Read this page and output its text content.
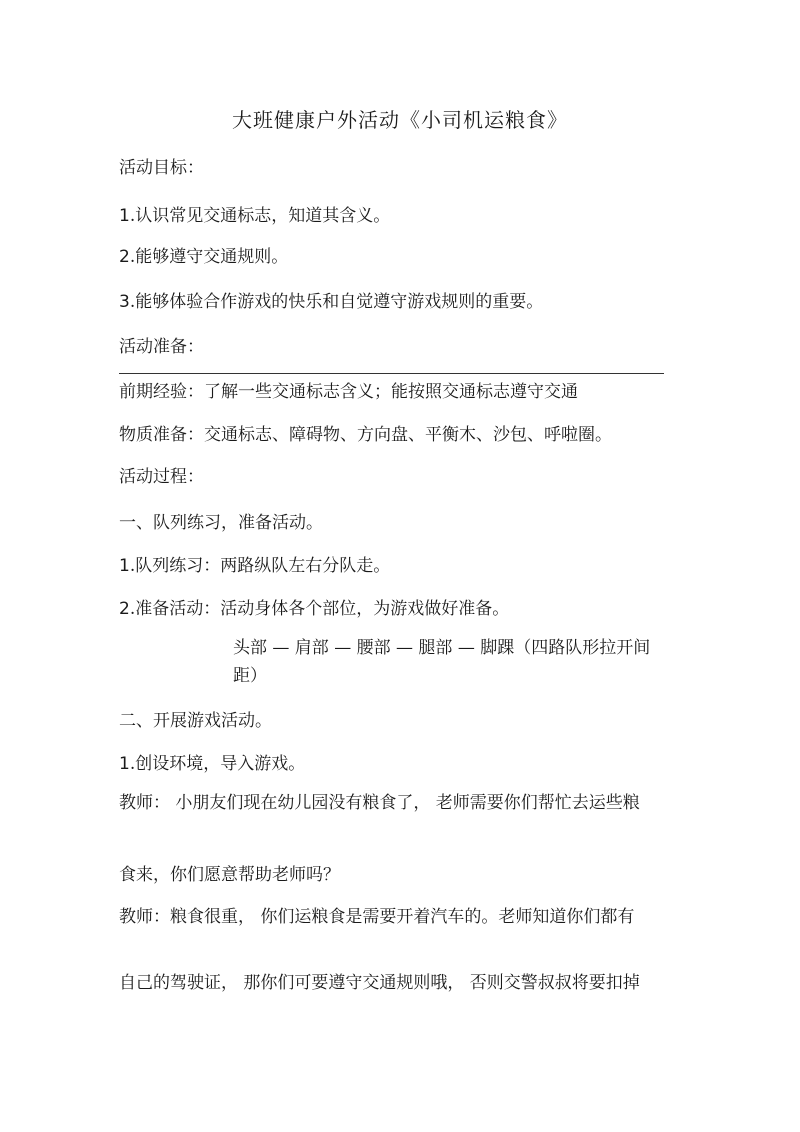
大班健康户外活动《小司机运粮食》
活动目标：
1.认识常见交通标志，知道其含义。
2.能够遵守交通规则。
3.能够体验合作游戏的快乐和自觉遵守游戏规则的重要。
活动准备：
前期经验：了解一些交通标志含义；能按照交通标志遵守交通
物质准备：交通标志、障碍物、方向盘、平衡木、沙包、呼啦圈。
活动过程：
一、队列练习，准备活动。
1.队列练习：两路纵队左右分队走。
2.准备活动：活动身体各个部位，为游戏做好准备。
头部 — 肩部 — 腰部 — 腿部 — 脚踝（四路队形拉开间距）
二、开展游戏活动。
1.创设环境，导入游戏。
教师： 小朋友们现在幼儿园没有粮食了， 老师需要你们帮忙去运些粮
食来，你们愿意帮助老师吗？
教师：粮食很重， 你们运粮食是需要开着汽车的。老师知道你们都有
自己的驾驶证， 那你们可要遵守交通规则哦， 否则交警叔叔将要扣掉
